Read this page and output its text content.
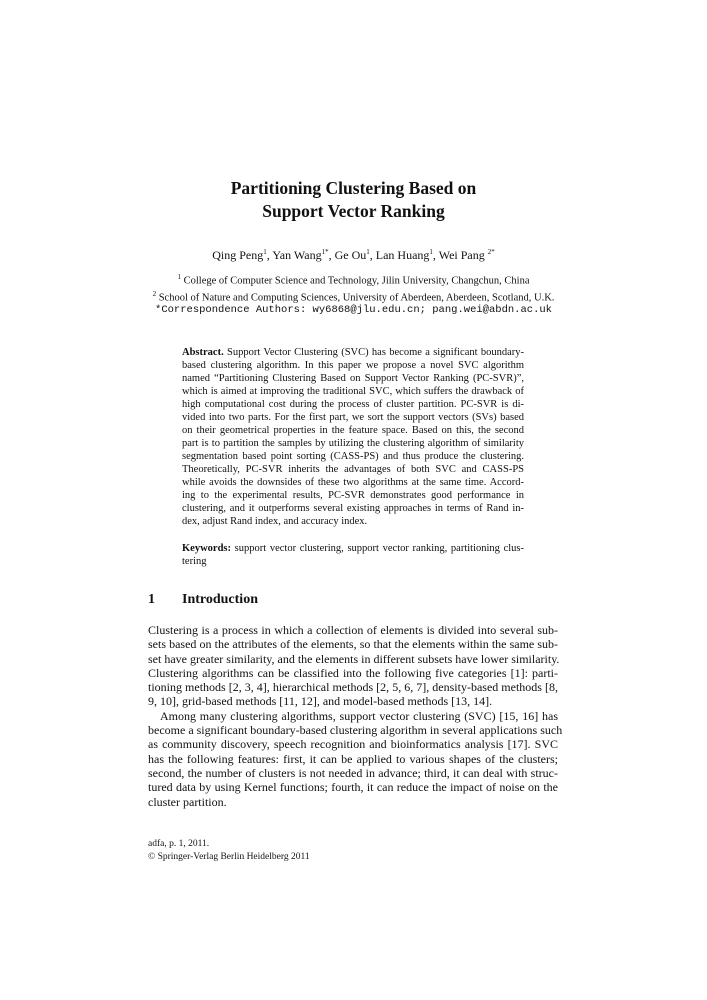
Partitioning Clustering Based on
Support Vector Ranking
Qing Peng$^1$, Yan Wang$^{1*}$, Ge Ou$^1$, Lan Huang$^1$, Wei Pang $^{2*}$
$^1$ College of Computer Science and Technology, Jilin University, Changchun, China
$^2$ School of Nature and Computing Sciences, University of Aberdeen, Aberdeen, Scotland, U.K.
*Correspondence Authors: wy6868@jlu.edu.cn; pang.wei@abdn.ac.uk
Abstract. Support Vector Clustering (SVC) has become a significant boundary-
based clustering algorithm. In this paper we propose a novel SVC algorithm
named “Partitioning Clustering Based on Support Vector Ranking (PC-SVR)”,
which is aimed at improving the traditional SVC, which suffers the drawback of
high computational cost during the process of cluster partition. PC-SVR is di-
vided into two parts. For the first part, we sort the support vectors (SVs) based
on their geometrical properties in the feature space. Based on this, the second
part is to partition the samples by utilizing the clustering algorithm of similarity
segmentation based point sorting (CASS-PS) and thus produce the clustering.
Theoretically, PC-SVR inherits the advantages of both SVC and CASS-PS
while avoids the downsides of these two algorithms at the same time. Accord-
ing to the experimental results, PC-SVR demonstrates good performance in
clustering, and it outperforms several existing approaches in terms of Rand in-
dex, adjust Rand index, and accuracy index.
Keywords: support vector clustering, support vector ranking, partitioning clus-
tering
1 Introduction
Clustering is a process in which a collection of elements is divided into several sub-
sets based on the attributes of the elements, so that the elements within the same sub-
set have greater similarity, and the elements in different subsets have lower similarity.
Clustering algorithms can be classified into the following five categories [1]: parti-
tioning methods [2, 3, 4], hierarchical methods [2, 5, 6, 7], density-based methods [8,
9, 10], grid-based methods [11, 12], and model-based methods [13, 14].
Among many clustering algorithms, support vector clustering (SVC) [15, 16] has
become a significant boundary-based clustering algorithm in several applications such
as community discovery, speech recognition and bioinformatics analysis [17]. SVC
has the following features: first, it can be applied to various shapes of the clusters;
second, the number of clusters is not needed in advance; third, it can deal with struc-
tured data by using Kernel functions; fourth, it can reduce the impact of noise on the
cluster partition.
adfa, p. 1, 2011.
© Springer-Verlag Berlin Heidelberg 2011
